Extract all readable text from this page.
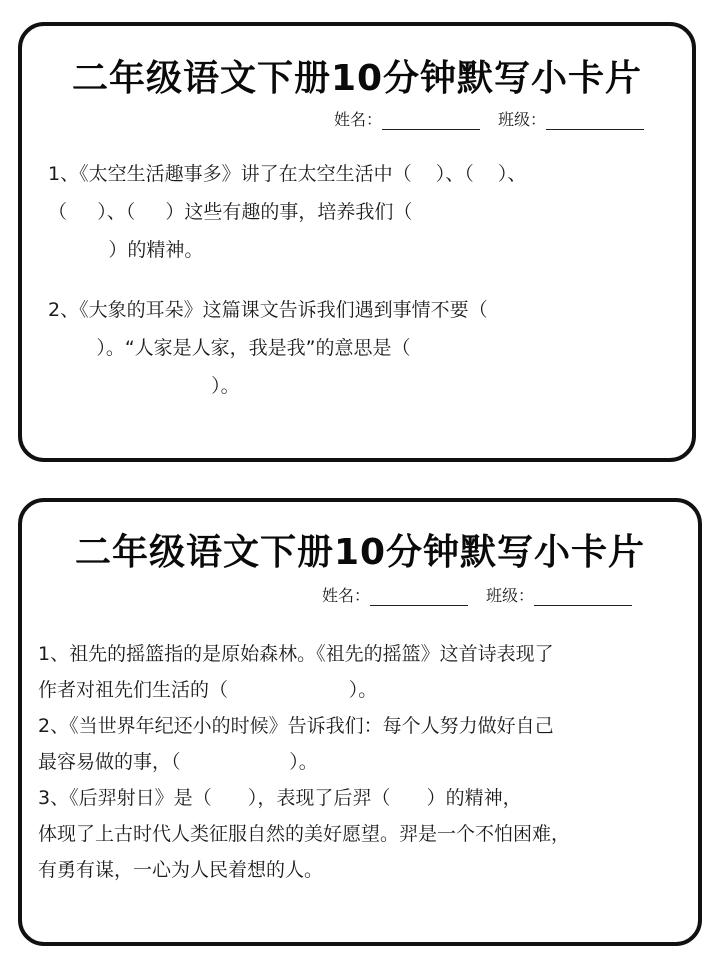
二年级语文下册10分钟默写小卡片
姓名：	班级：
1、《太空生活趣事多》讲了在太空生活中（    ）、（    ）、
（     ）、（     ）这些有趣的事，培养我们（
）的精神。
2、《大象的耳朵》这篇课文告诉我们遇到事情不要（
）。“人家是人家，我是我”的意思是（
）。
二年级语文下册10分钟默写小卡片
姓名：	班级：
1、祖先的摇篮指的是原始森林。《祖先的摇篮》这首诗表现了
作者对祖先们生活的（                    ）。
2、《当世界年纪还小的时候》告诉我们：每个人努力做好自己
最容易做的事，（                  ）。
3、《后羿射日》是（      ），表现了后羿（      ）的精神，
体现了上古时代人类征服自然的美好愿望。羿是一个不怕困难，
有勇有谋，一心为人民着想的人。
